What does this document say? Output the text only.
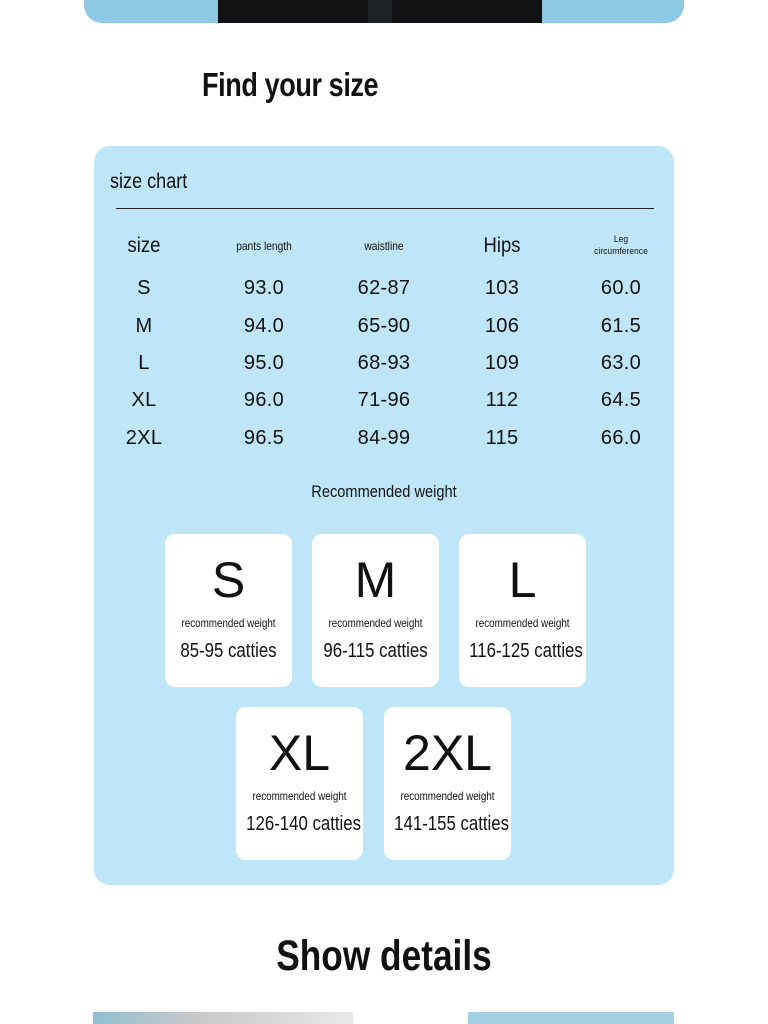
Find your size
size chart
size	pants length	waistline	Hips	Leg
circumference
S	93.0	62-87	103	60.0
M	94.0	65-90	106	61.5
L	95.0	68-93	109	63.0
XL	96.0	71-96	112	64.5
2XL	96.5	84-99	115	66.0
Recommended weight
S
recommended weight
85-95 catties
M
recommended weight
96-115 catties
L
recommended weight
116-125 catties
XL
recommended weight
126-140 catties
2XL
recommended weight
141-155 catties
Show details
